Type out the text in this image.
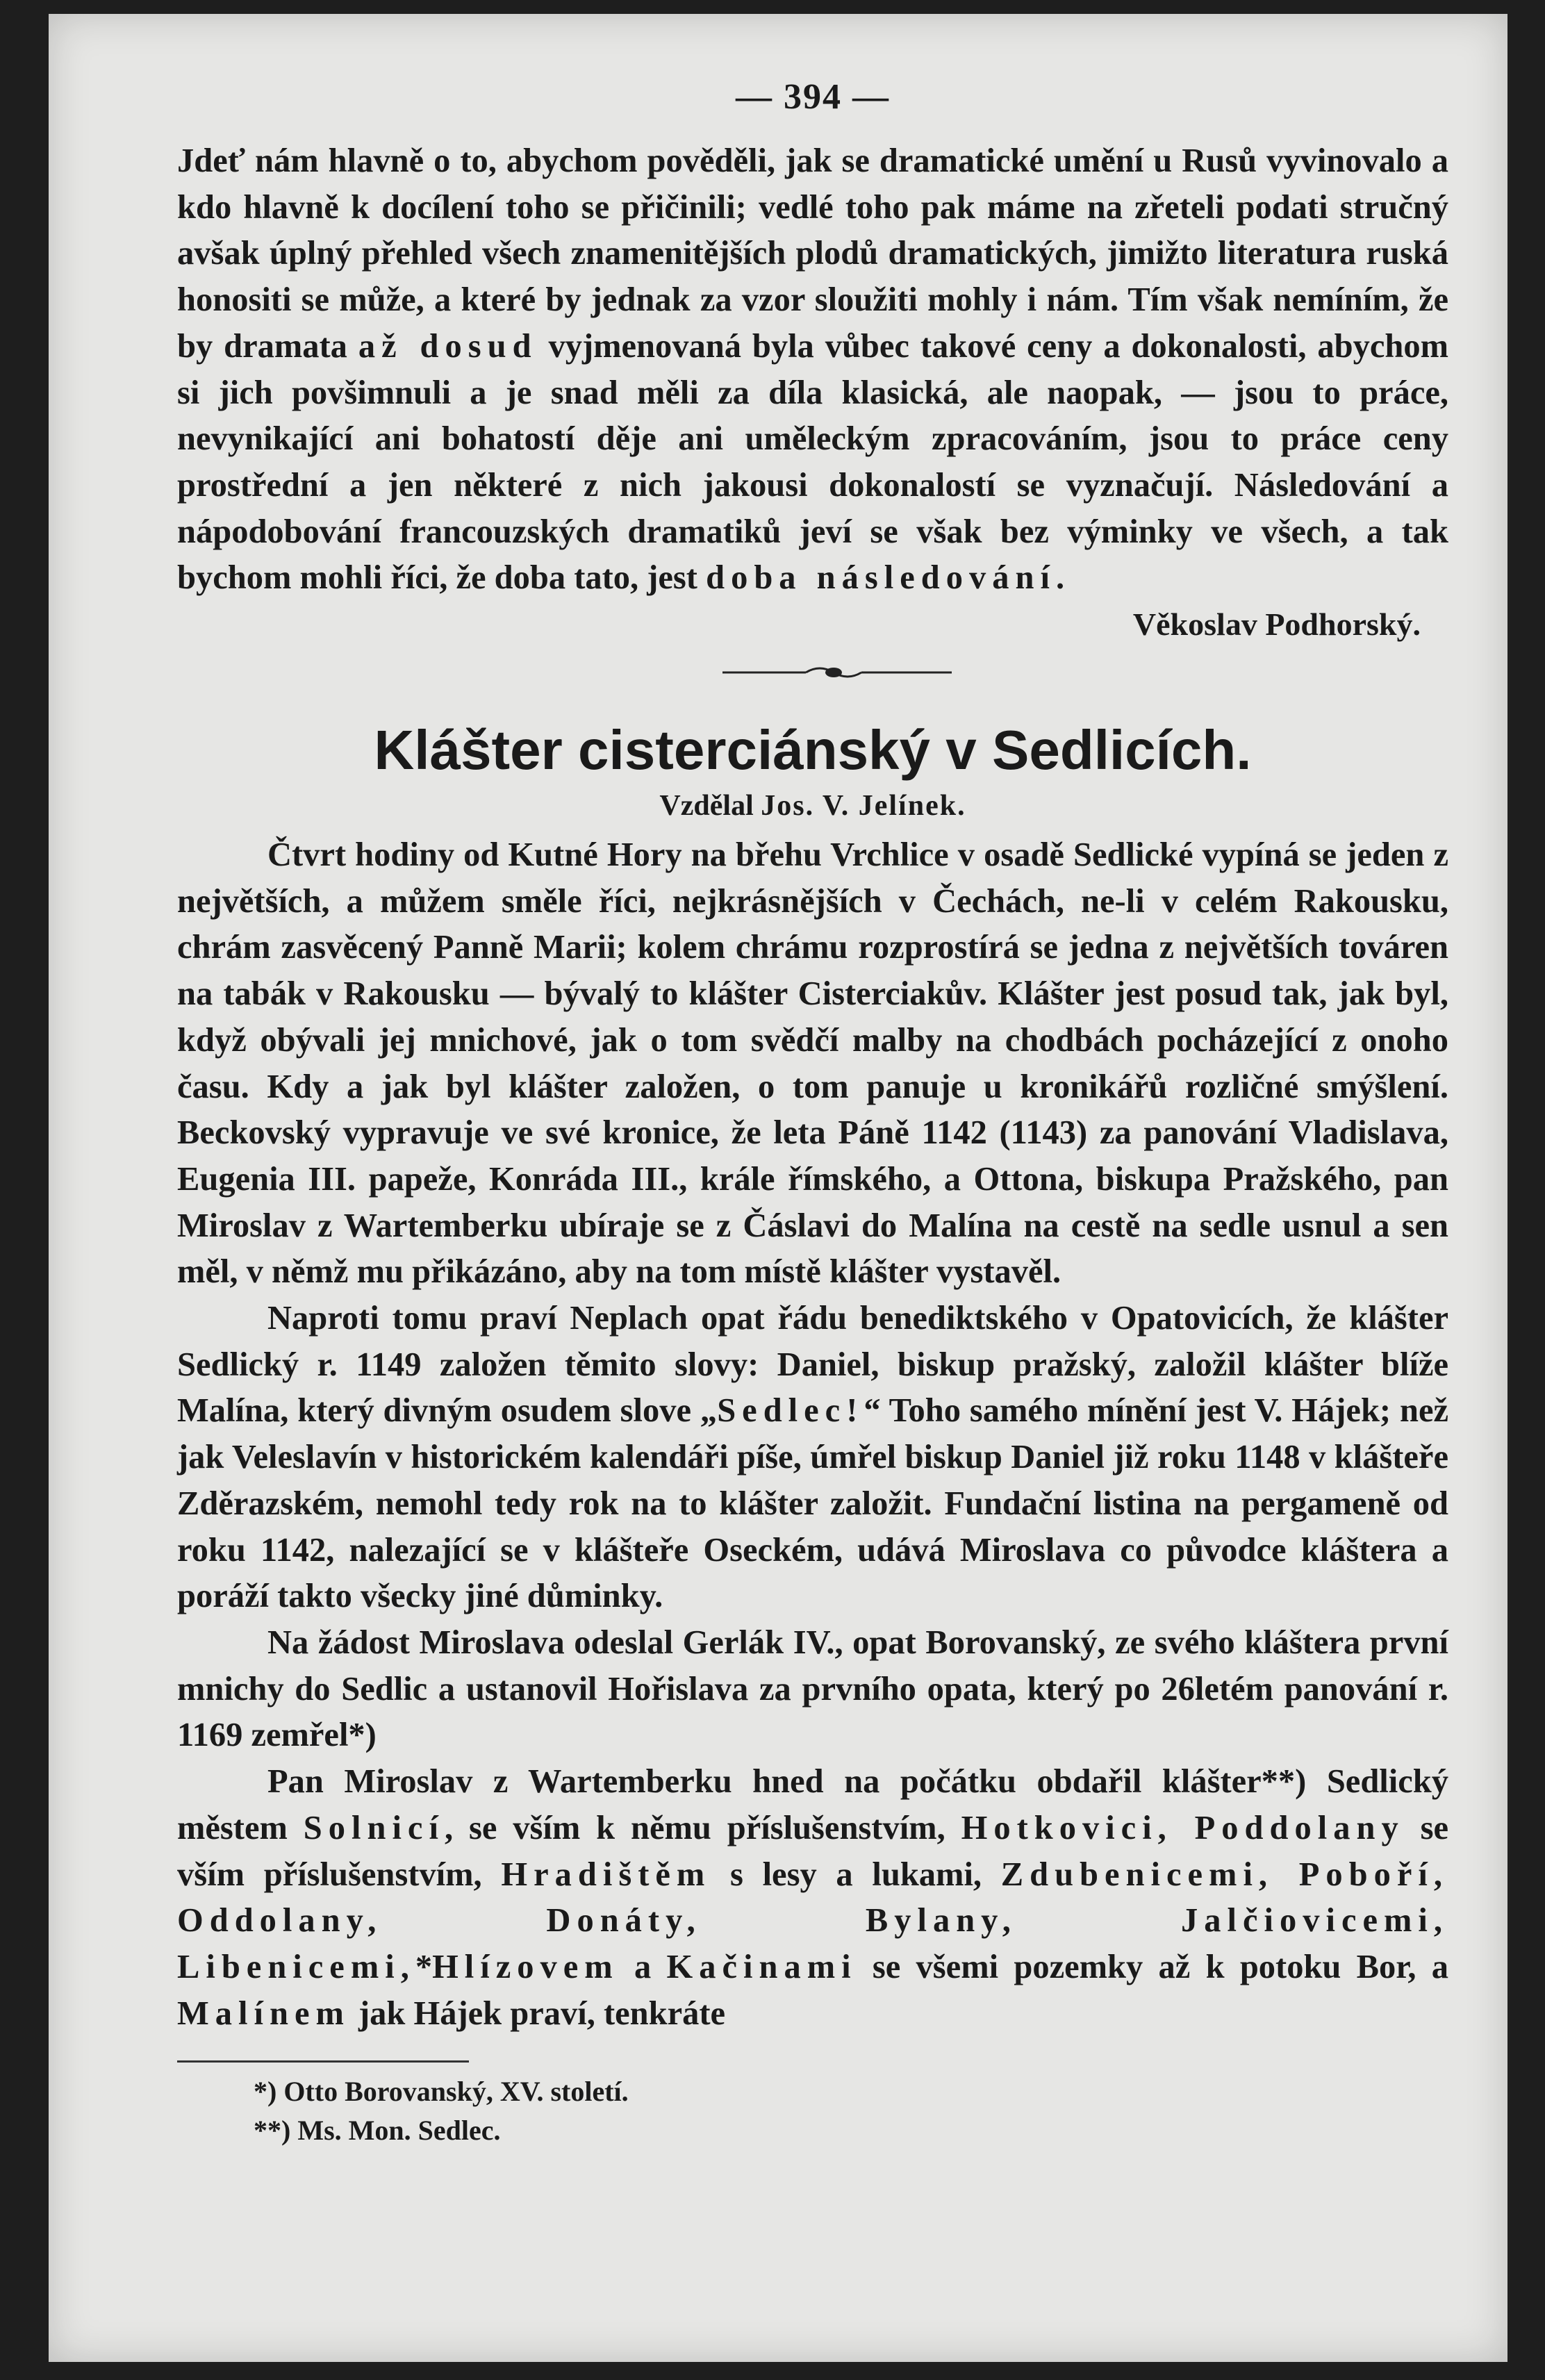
— 394 —

Jdeť nám hlavně o to, abychom pověděli, jak se dramatické umění u Rusů vyvinovalo a kdo hlavně k docílení toho se přičinili; vedlé toho pak máme na zřeteli podati stručný avšak úplný přehled všech znamenitějších plodů dramatických, jimižto literatura ruská honositi se může, a které by jednak za vzor sloužiti mohly i nám. Tím však nemíním, že by dramata až dosud vyjmenovaná byla vůbec takové ceny a dokonalosti, abychom si jich povšimnuli a je snad měli za díla klasická, ale naopak, — jsou to práce, nevynikající ani bohatostí děje ani uměleckým zpracováním, jsou to práce ceny prostřední a jen některé z nich jakousi dokonalostí se vyznačují. Následování a nápodobování francouzských dramatiků jeví se však bez výminky ve všech, a tak bychom mohli říci, že doba tato, jest doba následování.

Věkoslav Podhorský.
Klášter cisterciánský v Sedlicích.
Vzdělal Jos. V. Jelínek.

Čtvrt hodiny od Kutné Hory na břehu Vrchlice v osadě Sedlické vypíná se jeden z největších, a můžem směle říci, nejkrásnějších v Čechách, ne-li v celém Rakousku, chrám zasvěcený Panně Marii; kolem chrámu rozprostírá se jedna z největších továren na tabák v Rakousku — bývalý to klášter Cisterciakův. Klášter jest posud tak, jak byl, když obývali jej mnichové, jak o tom svědčí malby na chodbách pocházející z onoho času. Kdy a jak byl klášter založen, o tom panuje u kronikářů rozličné smýšlení. Beckovský vypravuje ve své kronice, že leta Páně 1142 (1143) za panování Vladislava, Eugenia III. papeže, Konráda III., krále římského, a Ottona, biskupa Pražského, pan Miroslav z Wartemberku ubíraje se z Čáslavi do Malína na cestě na sedle usnul a sen měl, v němž mu přikázáno, aby na tom místě klášter vystavěl.

Naproti tomu praví Neplach opat řádu benediktského v Opatovicích, že klášter Sedlický r. 1149 založen těmito slovy: Daniel, biskup pražský, založil klášter blíže Malína, který divným osudem slove „Sedlec!“ Toho samého mínění jest V. Hájek; než jak Veleslavín v historickém kalendáři píše, úmřel biskup Daniel již roku 1148 v klášteře Zděrazském, nemohl tedy rok na to klášter založit. Fundační listina na pergameně od roku 1142, nalezající se v klášteře Oseckém, udává Miroslava co původce kláštera a poráží takto všecky jiné důminky.

Na žádost Miroslava odeslal Gerlák IV., opat Borovanský, ze svého kláštera první mnichy do Sedlic a ustanovil Hořislava za prvního opata, který po 26letém panování r. 1169 zemřel*)

Pan Miroslav z Wartemberku hned na počátku obdařil klášter**) Sedlický městem Solnicí, se vším k němu příslušenstvím, Hotkovici, Poddolany se vším příslušenstvím, Hradištěm s lesy a lukami, Zdubenicemi, Poboří, Oddolany, Donáty, Bylany, Jalčiovicemi, Libenicemi,*Hlízovem a Kačinami se všemi pozemky až k potoku Bor, a Malínem jak Hájek praví, tenkráte

*) Otto Borovanský, XV. století.
**) Ms. Mon. Sedlec.
